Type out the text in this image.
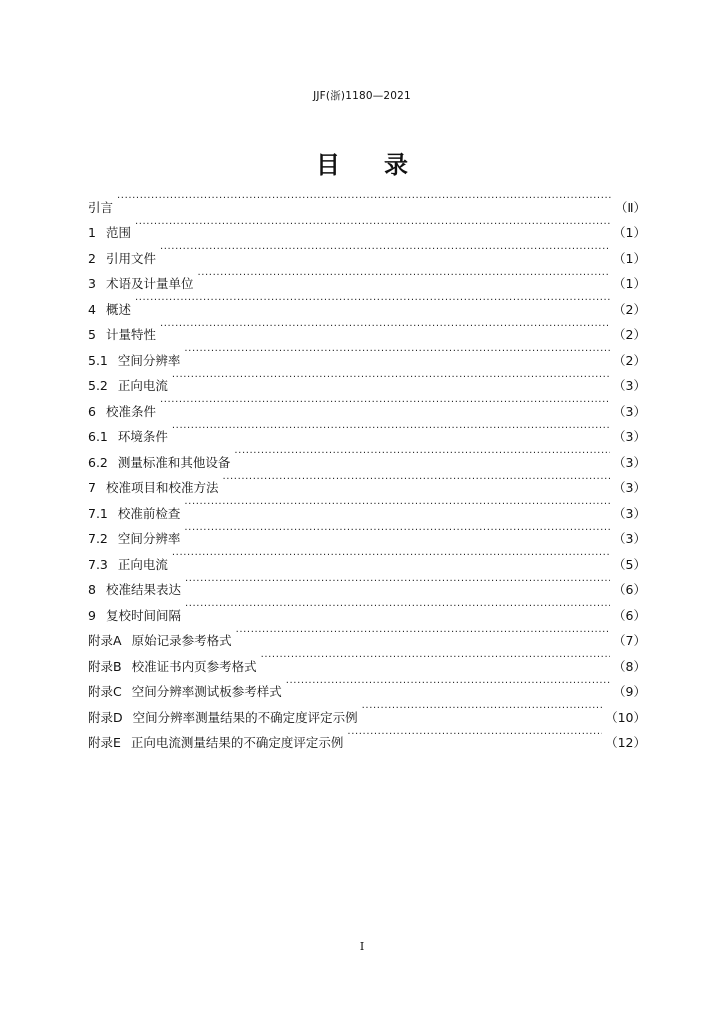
JJF(浙)1180—2021
目 录
引言 ·····	（Ⅱ）
1 范围 ·····	（1）
2 引用文件 ·····	（1）
3 术语及计量单位 ·····	（1）
4 概述 ·····	（2）
5 计量特性 ·····	（2）
5.1 空间分辨率 ·····	（2）
5.2 正向电流 ·····	（3）
6 校准条件 ·····	（3）
6.1 环境条件 ·····	（3）
6.2 测量标准和其他设备 ·····	（3）
7 校准项目和校准方法 ·····	（3）
7.1 校准前检查 ·····	（3）
7.2 空间分辨率 ·····	（3）
7.3 正向电流 ·····	（5）
8 校准结果表达 ·····	（6）
9 复校时间间隔 ·····	（6）
附录A 原始记录参考格式 ·····	（7）
附录B 校准证书内页参考格式 ·····	（8）
附录C 空间分辨率测试板参考样式 ·····	（9）
附录D 空间分辨率测量结果的不确定度评定示例 ·····	（10）
附录E 正向电流测量结果的不确定度评定示例 ·····	（12）
I
